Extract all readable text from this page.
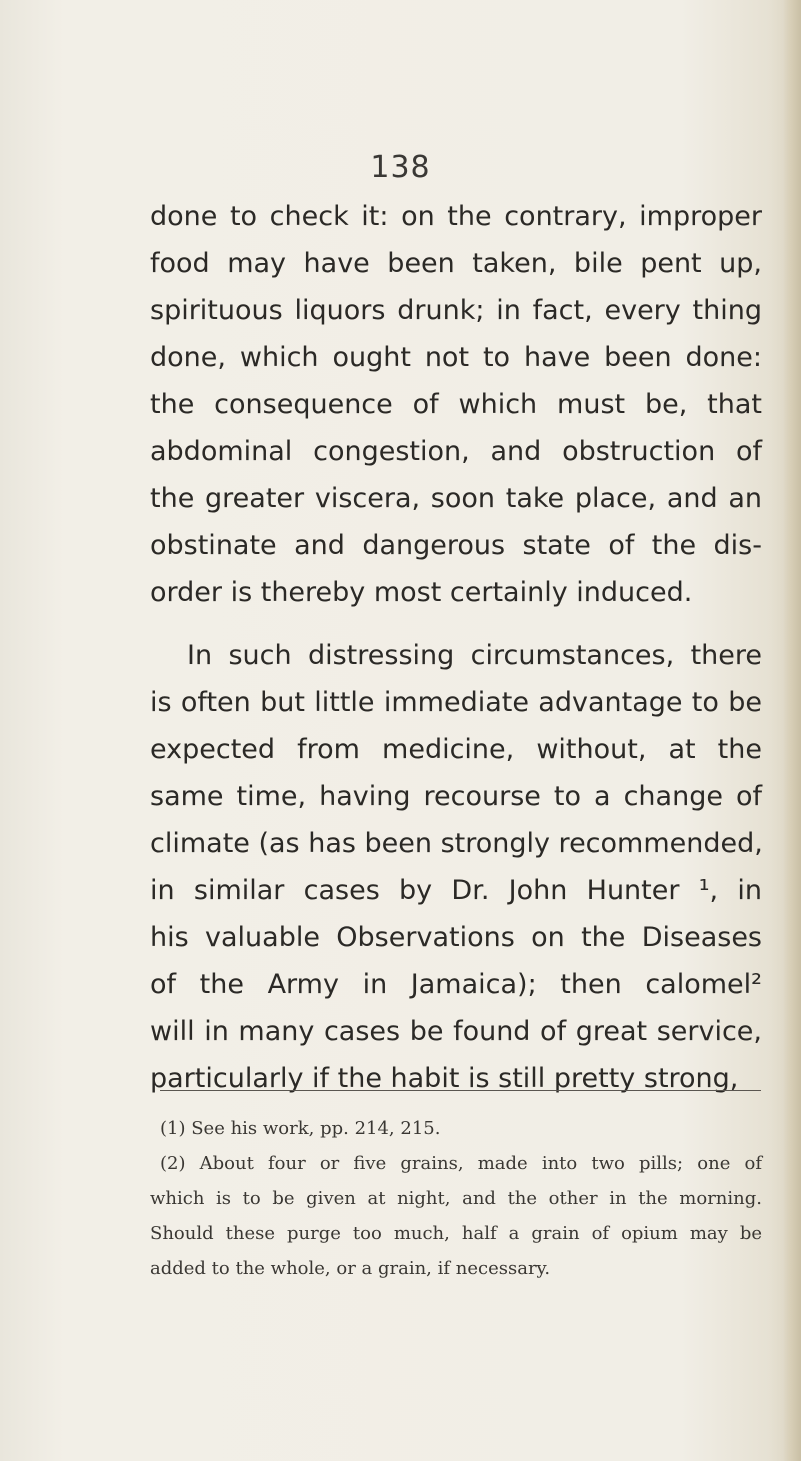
138
done to check it: on the contrary, improper
food may have been taken, bile pent up,
spirituous liquors drunk; in fact, every thing
done, which ought not to have been done:
the consequence of which must be, that
abdominal congestion, and obstruction of
the greater viscera, soon take place, and an
obstinate and dangerous state of the dis-
order is thereby most certainly induced.
In such distressing circumstances, there
is often but little immediate advantage to be
expected from medicine, without, at the
same time, having recourse to a change of
climate (as has been strongly recommended,
in similar cases by Dr. John Hunter ¹, in
his valuable Observations on the Diseases
of the Army in Jamaica); then calomel²
will in many cases be found of great service,
particularly if the habit is still pretty strong,
(1) See his work, pp. 214, 215.
(2) About four or five grains, made into two pills; one of
which is to be given at night, and the other in the morning.
Should these purge too much, half a grain of opium may be
added to the whole, or a grain, if necessary.
